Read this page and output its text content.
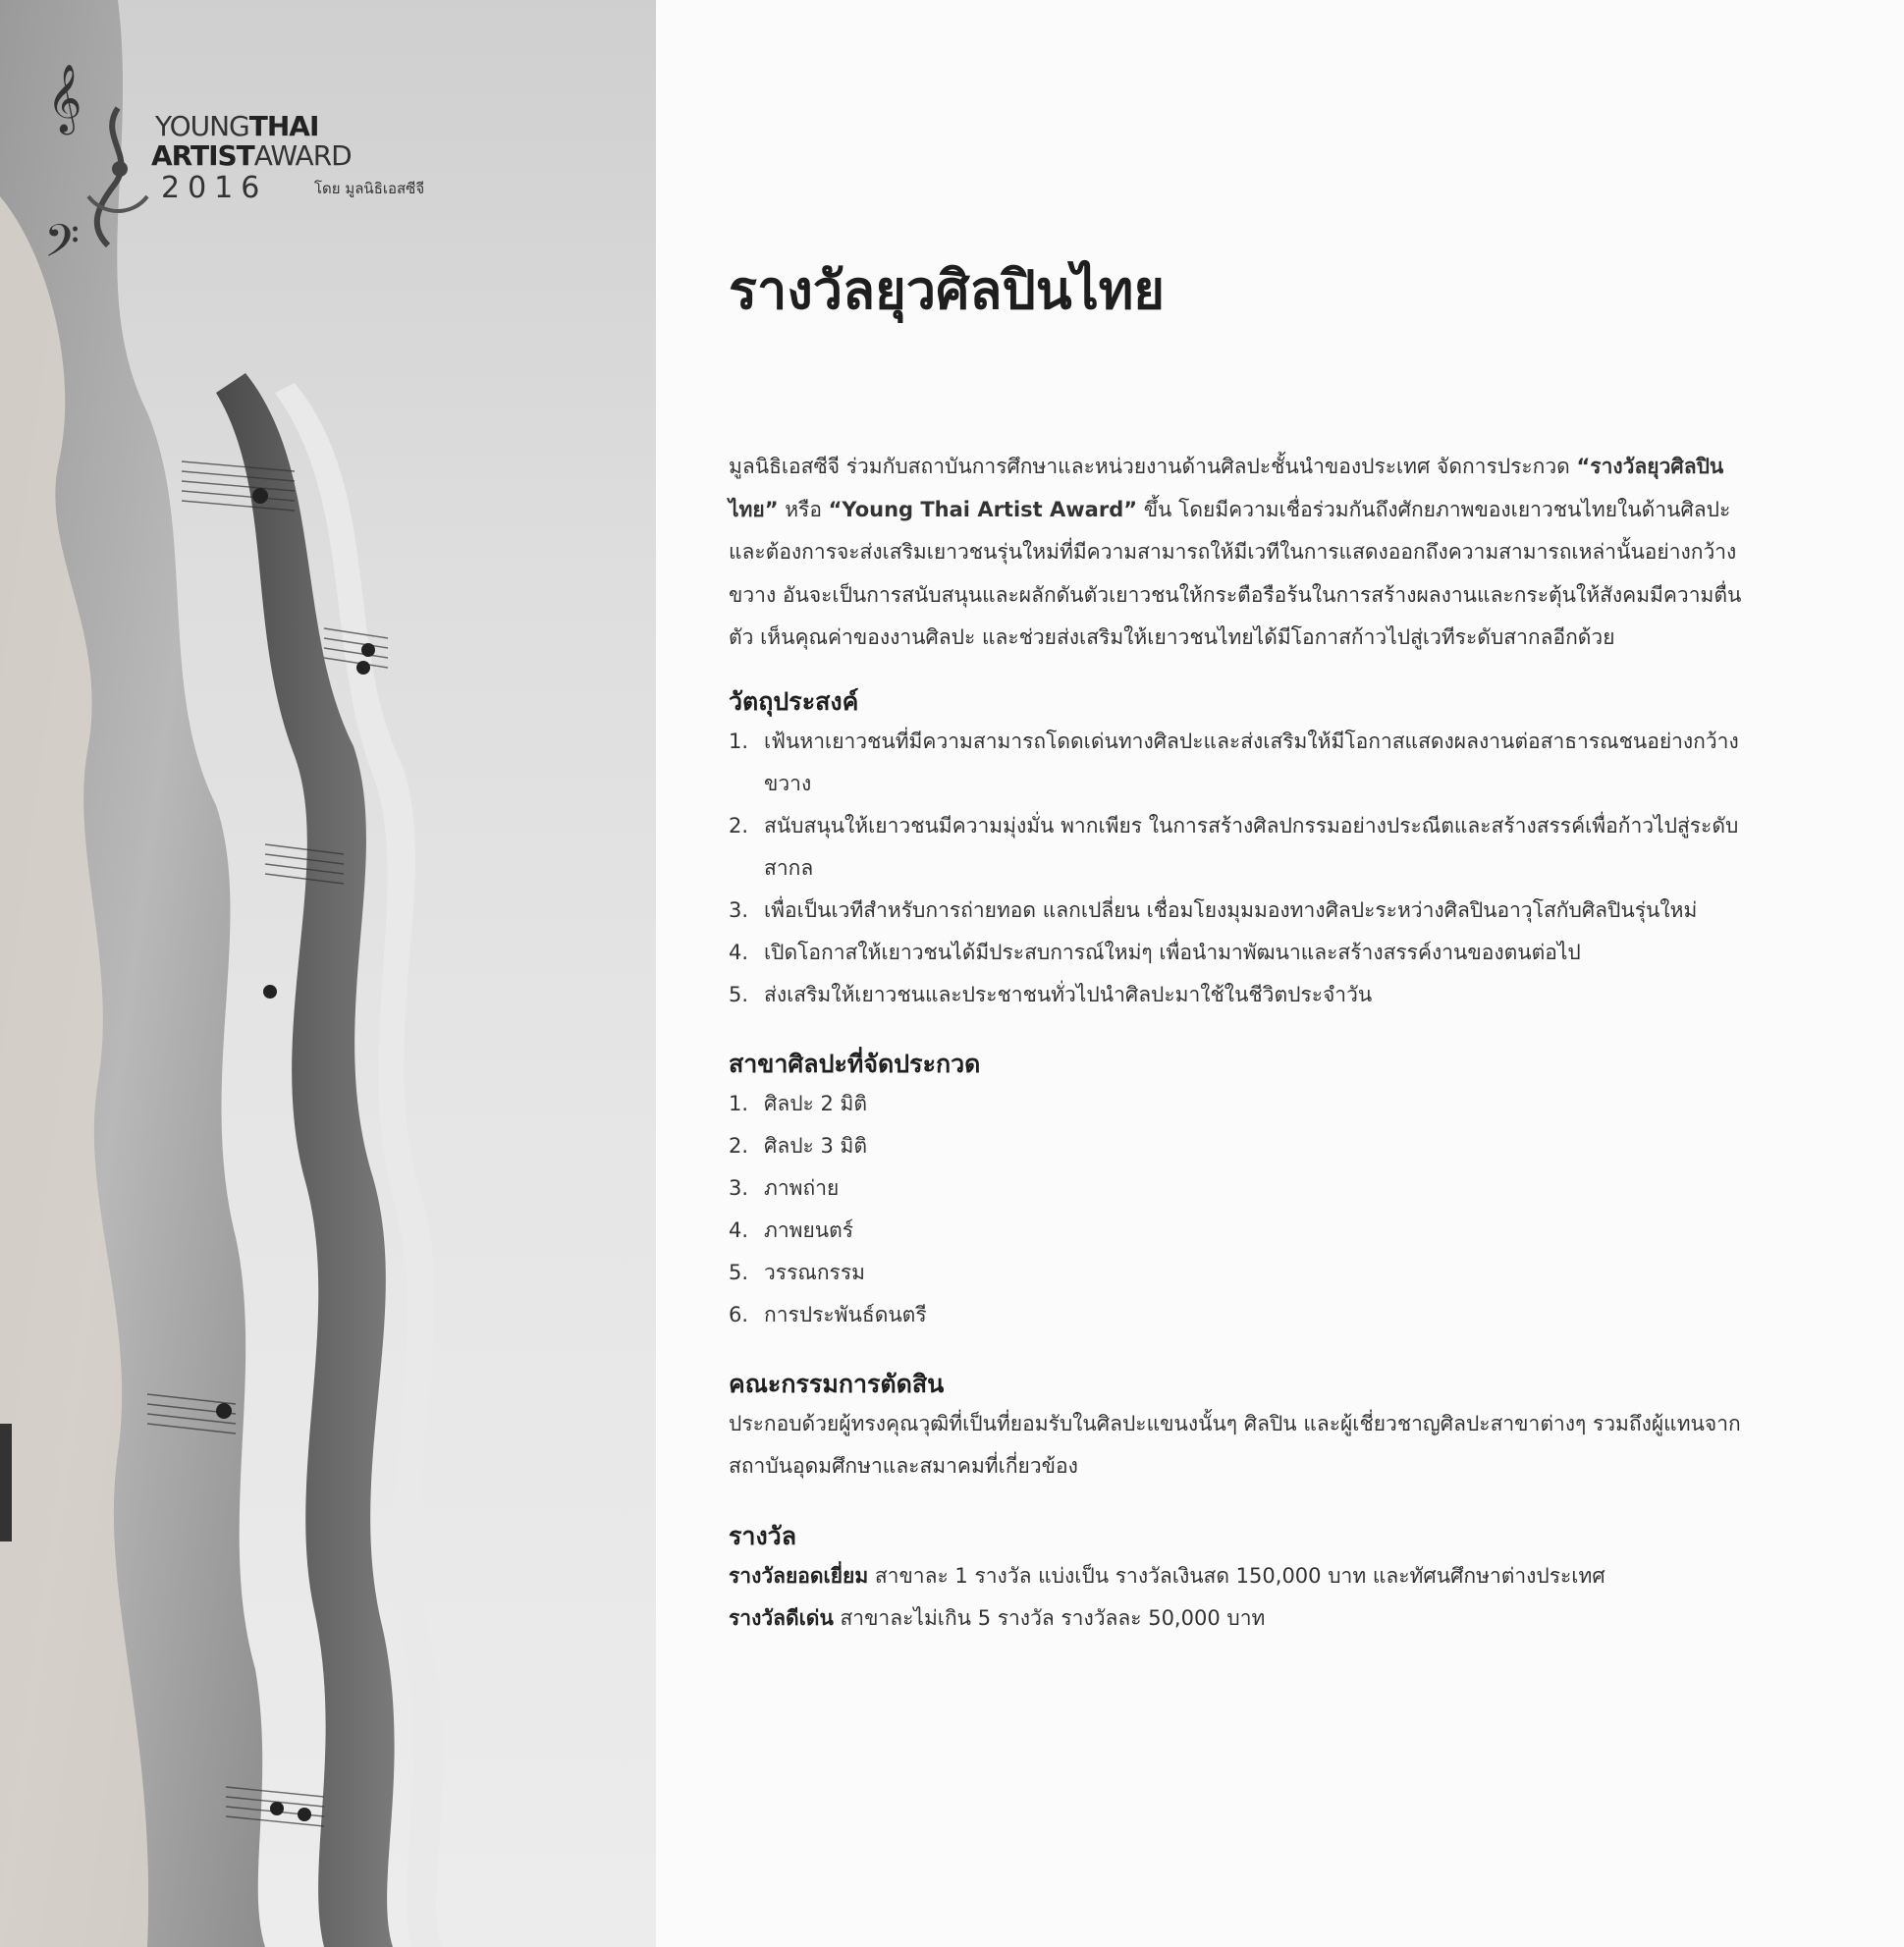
𝄞
𝄢
YOUNGTHAI
ARTISTAWARD
2016	โดย มูลนิธิเอสซีจี
รางวัลยุวศิลปินไทย

มูลนิธิเอสซีจี ร่วมกับสถาบันการศึกษาและหน่วยงานด้านศิลปะชั้นนำของประเทศ จัดการประกวด “รางวัลยุวศิลปินไทย” หรือ “Young Thai Artist Award” ขึ้น โดยมีความเชื่อร่วมกันถึงศักยภาพของเยาวชนไทยในด้านศิลปะ และต้องการจะส่งเสริมเยาวชนรุ่นใหม่ที่มีความสามารถให้มีเวทีในการแสดงออกถึงความสามารถเหล่านั้นอย่างกว้างขวาง อันจะเป็นการสนับสนุนและผลักดันตัวเยาวชนให้กระตือรือร้นในการสร้างผลงานและกระตุ้นให้สังคมมีความตื่นตัว เห็นคุณค่าของงานศิลปะ และช่วยส่งเสริมให้เยาวชนไทยได้มีโอกาสก้าวไปสู่เวทีระดับสากลอีกด้วย

วัตถุประสงค์

1. เฟ้นหาเยาวชนที่มีความสามารถโดดเด่นทางศิลปะและส่งเสริมให้มีโอกาสแสดงผลงานต่อสาธารณชนอย่างกว้างขวาง

2. สนับสนุนให้เยาวชนมีความมุ่งมั่น พากเพียร ในการสร้างศิลปกรรมอย่างประณีตและสร้างสรรค์เพื่อก้าวไปสู่ระดับสากล

3. เพื่อเป็นเวทีสำหรับการถ่ายทอด แลกเปลี่ยน เชื่อมโยงมุมมองทางศิลปะระหว่างศิลปินอาวุโสกับศิลปินรุ่นใหม่

4. เปิดโอกาสให้เยาวชนได้มีประสบการณ์ใหม่ๆ เพื่อนำมาพัฒนาและสร้างสรรค์งานของตนต่อไป

5. ส่งเสริมให้เยาวชนและประชาชนทั่วไปนำศิลปะมาใช้ในชีวิตประจำวัน

สาขาศิลปะที่จัดประกวด

1. ศิลปะ 2 มิติ

2. ศิลปะ 3 มิติ

3. ภาพถ่าย

4. ภาพยนตร์

5. วรรณกรรม

6. การประพันธ์ดนตรี

คณะกรรมการตัดสิน

ประกอบด้วยผู้ทรงคุณวุฒิที่เป็นที่ยอมรับในศิลปะแขนงนั้นๆ ศิลปิน และผู้เชี่ยวชาญศิลปะสาขาต่างๆ รวมถึงผู้แทนจากสถาบันอุดมศึกษาและสมาคมที่เกี่ยวข้อง

รางวัล

รางวัลยอดเยี่ยม สาขาละ 1 รางวัล แบ่งเป็น รางวัลเงินสด 150,000 บาท และทัศนศึกษาต่างประเทศ

รางวัลดีเด่น สาขาละไม่เกิน 5 รางวัล รางวัลละ 50,000 บาท
